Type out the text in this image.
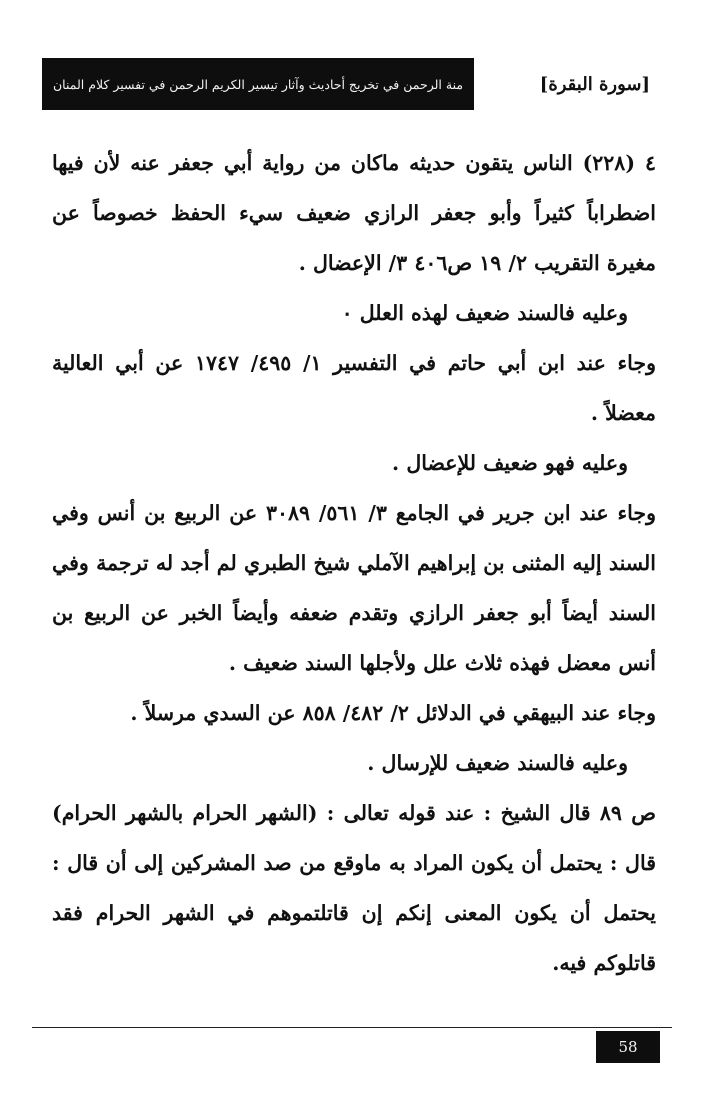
منة الرحمن في تخريج أحاديث وآثار تيسير الكريم الرحمن في تفسير كلام المنان	[سورة البقرة]

٤ (٢٢٨) الناس يتقون حديثه ماكان من رواية أبي جعفر عنه لأن فيها اضطراباً كثيراً وأبو جعفر الرازي ضعيف سيء الحفظ خصوصاً عن مغيرة التقريب ٢/ ١٩ ص٤٠٦ ٣/ الإعضال .

وعليه فالسند ضعيف لهذه العلل ٠

وجاء عند ابن أبي حاتم في التفسير ١/ ٤٩٥/ ١٧٤٧ عن أبي العالية معضلاً .

وعليه فهو ضعيف للإعضال .

وجاء عند ابن جرير في الجامع ٣/ ٥٦١/ ٣٠٨٩ عن الربيع بن أنس وفي السند إليه المثنى بن إبراهيم الآملي شيخ الطبري لم أجد له ترجمة وفي السند أيضاً أبو جعفر الرازي وتقدم ضعفه وأيضاً الخبر عن الربيع بن أنس معضل فهذه ثلاث علل ولأجلها السند ضعيف .

وجاء عند البيهقي في الدلائل ٢/ ٤٨٢/ ٨٥٨ عن السدي مرسلاً .

وعليه فالسند ضعيف للإرسال .

ص ٨٩ قال الشيخ : عند قوله تعالى : (الشهر الحرام بالشهر الحرام) قال : يحتمل أن يكون المراد به ماوقع من صد المشركين إلى أن قال : يحتمل أن يكون المعنى إنكم إن قاتلتموهم في الشهر الحرام فقد قاتلوكم فيه.

58
